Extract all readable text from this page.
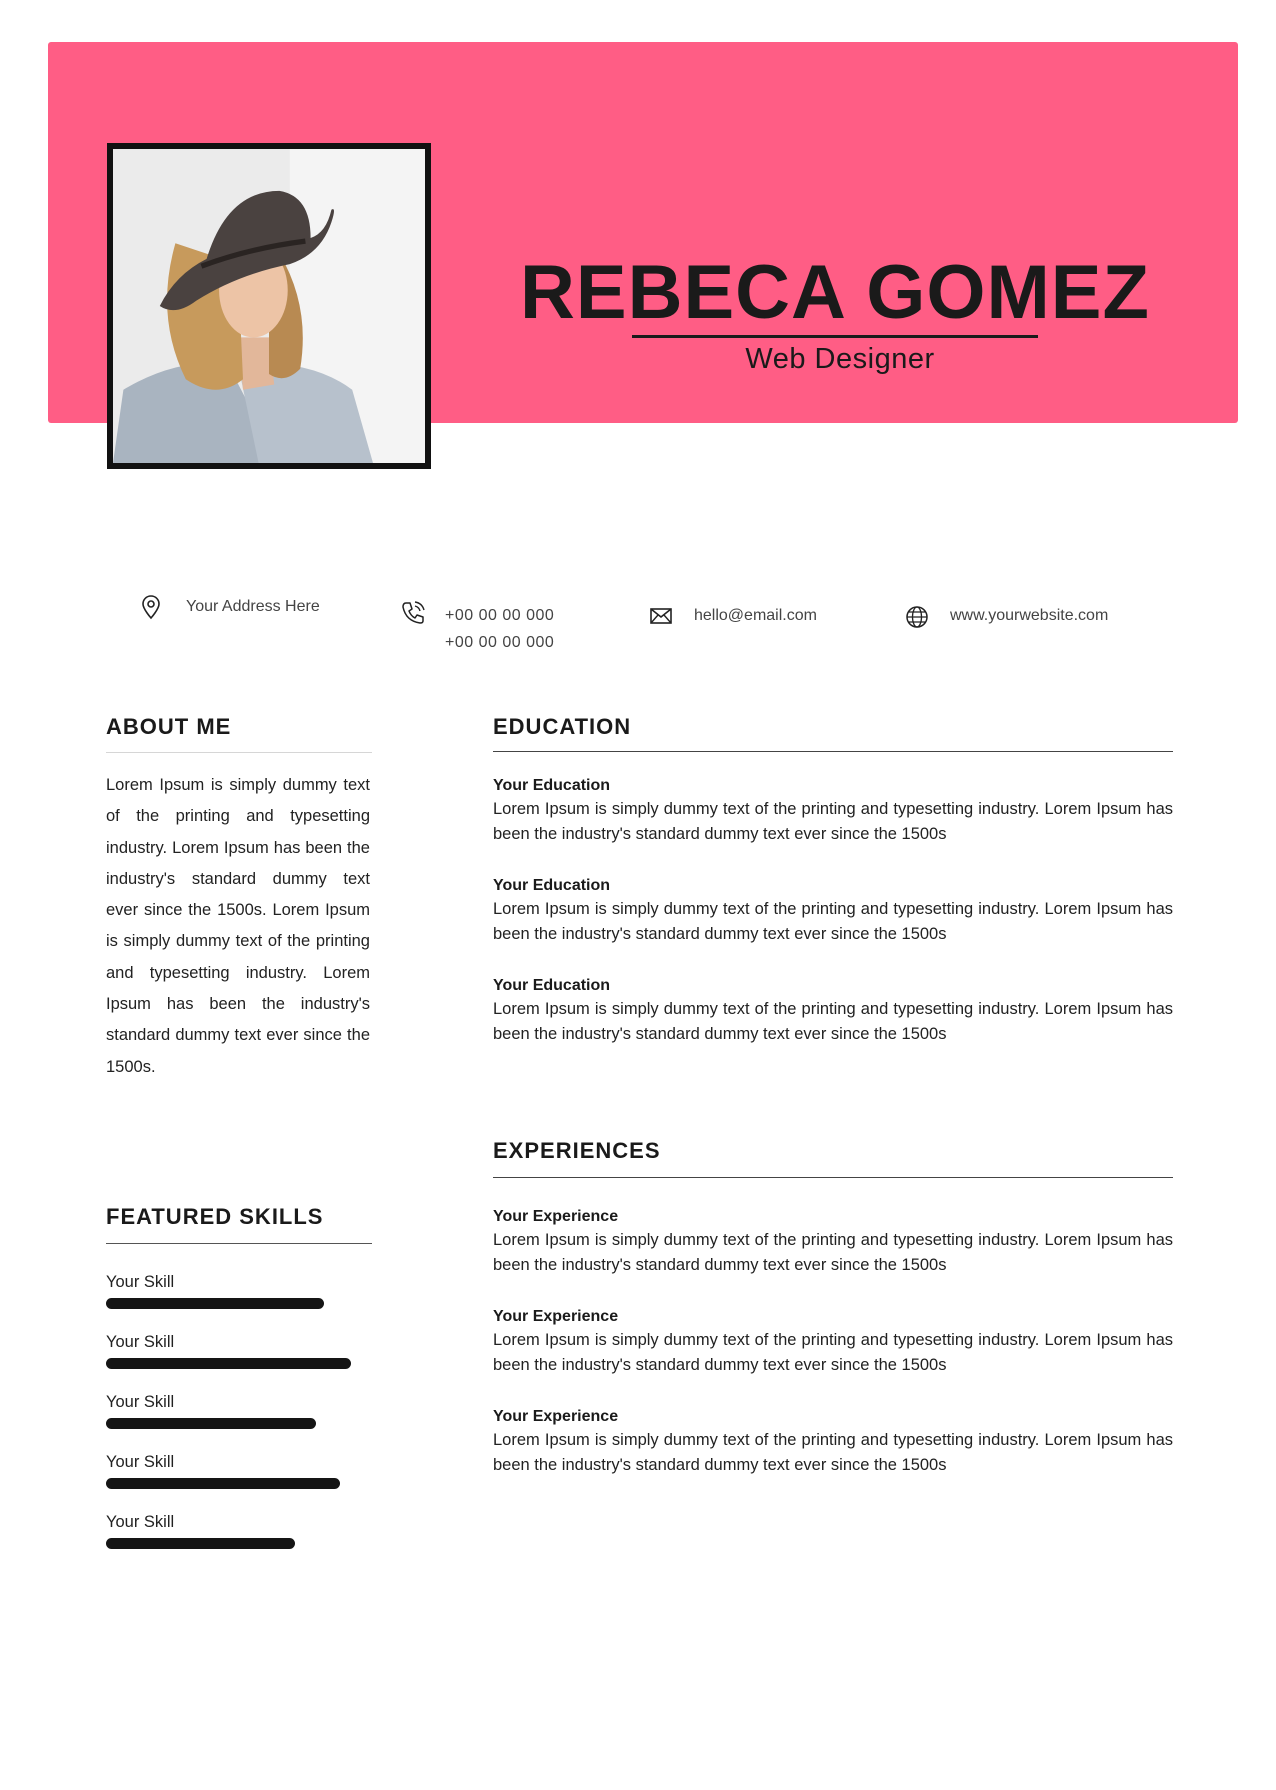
REBECA GOMEZ
Web Designer
Your Address Here
+00 00 00 000
+00 00 00 000
hello@email.com	www.yourwebsite.com
ABOUT ME
Lorem Ipsum is simply dummy text of the printing and typesetting industry. Lorem Ipsum has been the industry's standard dummy text ever since the 1500s. Lorem Ipsum is simply dummy text of the printing and typesetting industry. Lorem Ipsum has been the industry's standard dummy text ever since the 1500s.
FEATURED SKILLS
Your Skill
Your Skill
Your Skill
Your Skill
Your Skill
EDUCATION
Your Education
Lorem Ipsum is simply dummy text of the printing and typesetting industry. Lorem Ipsum has been the industry's standard dummy text ever since the 1500s
Your Education
Lorem Ipsum is simply dummy text of the printing and typesetting industry. Lorem Ipsum has been the industry's standard dummy text ever since the 1500s
Your Education
Lorem Ipsum is simply dummy text of the printing and typesetting industry. Lorem Ipsum has been the industry's standard dummy text ever since the 1500s
EXPERIENCES
Your Experience
Lorem Ipsum is simply dummy text of the printing and typesetting industry. Lorem Ipsum has been the industry's standard dummy text ever since the 1500s
Your Experience
Lorem Ipsum is simply dummy text of the printing and typesetting industry. Lorem Ipsum has been the industry's standard dummy text ever since the 1500s
Your Experience
Lorem Ipsum is simply dummy text of the printing and typesetting industry. Lorem Ipsum has been the industry's standard dummy text ever since the 1500s
